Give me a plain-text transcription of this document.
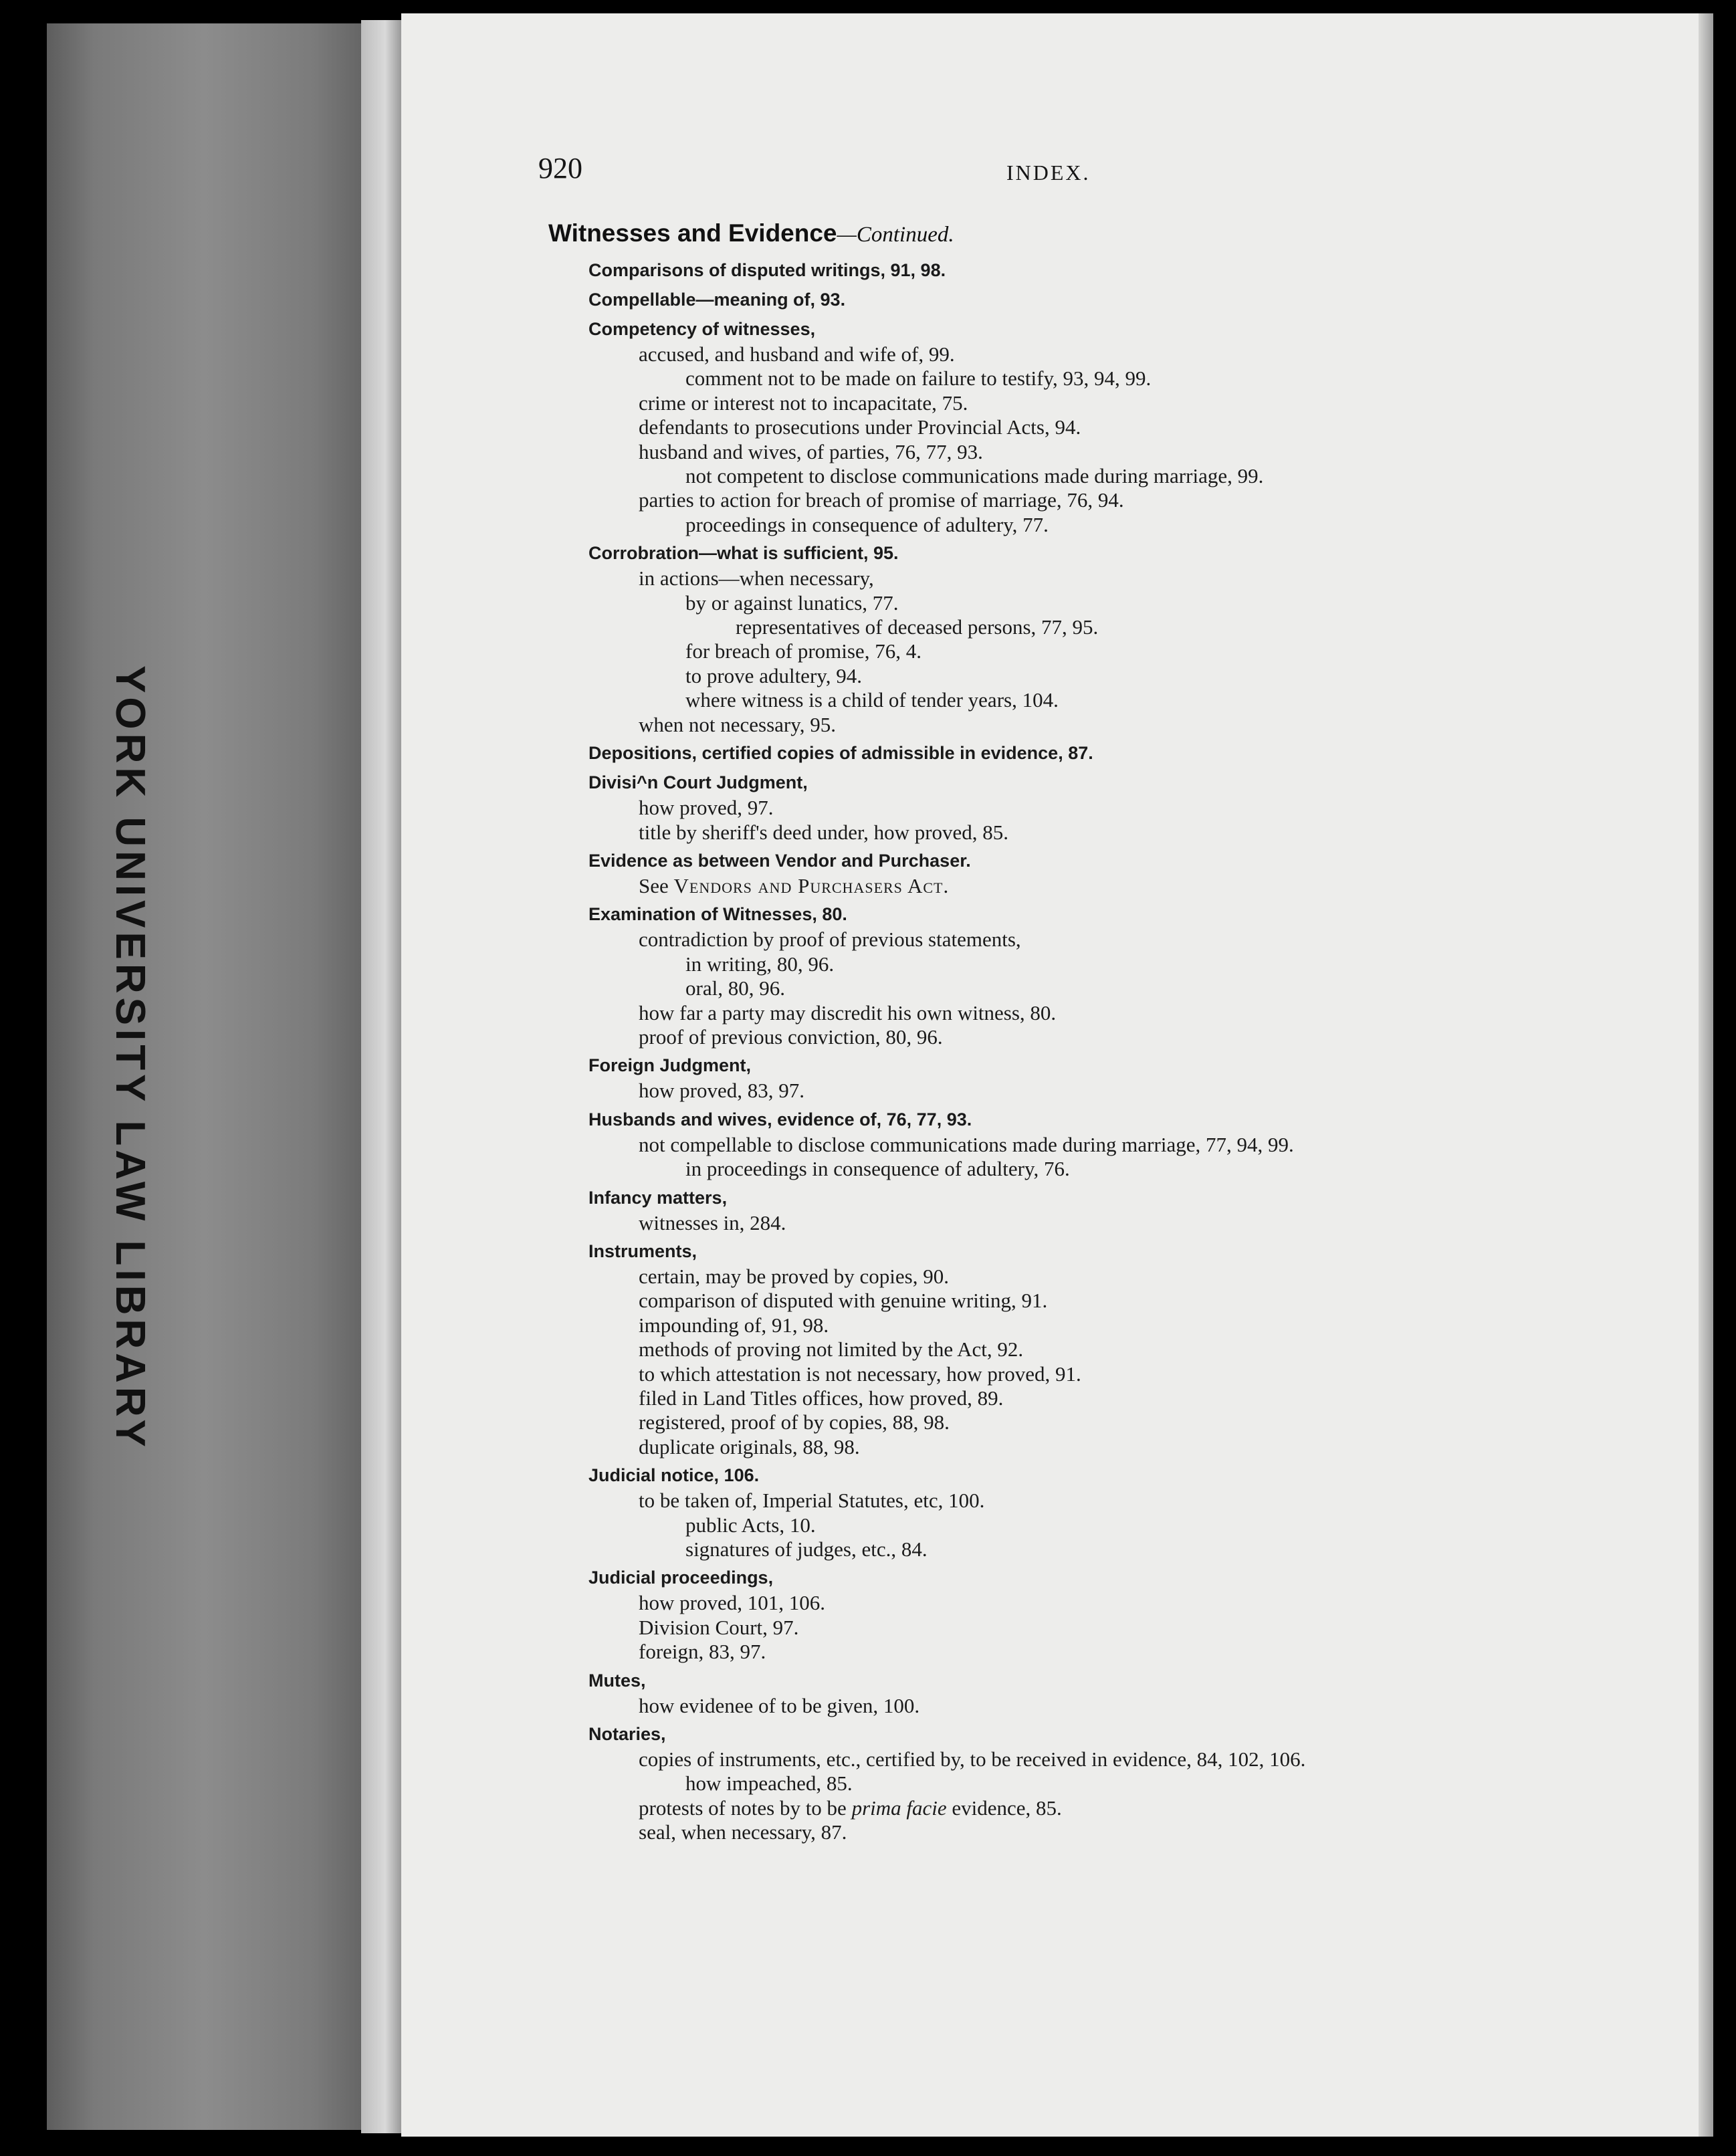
YORK UNIVERSITY LAW LIBRARY
920	INDEX.
Witnesses and Evidence—Continued.
Comparisons of disputed writings, 91, 98.
Compellable—meaning of, 93.
Competency of witnesses,
accused, and husband and wife of, 99.
comment not to be made on failure to testify, 93, 94, 99.
crime or interest not to incapacitate, 75.
defendants to prosecutions under Provincial Acts, 94.
husband and wives, of parties, 76, 77, 93.
not competent to disclose communications made during marriage, 99.
parties to action for breach of promise of marriage, 76, 94.
proceedings in consequence of adultery, 77.
Corrobration—what is sufficient, 95.
in actions—when necessary,
by or against lunatics, 77.
representatives of deceased persons, 77, 95.
for breach of promise, 76, 4.
to prove adultery, 94.
where witness is a child of tender years, 104.
when not necessary, 95.
Depositions, certified copies of admissible in evidence, 87.
Divisi^n Court Judgment,
how proved, 97.
title by sheriff's deed under, how proved, 85.
Evidence as between Vendor and Purchaser.
See Vendors and Purchasers Act.
Examination of Witnesses, 80.
contradiction by proof of previous statements,
in writing, 80, 96.
oral, 80, 96.
how far a party may discredit his own witness, 80.
proof of previous conviction, 80, 96.
Foreign Judgment,
how proved, 83, 97.
Husbands and wives, evidence of, 76, 77, 93.
not compellable to disclose communications made during marriage, 77, 94, 99.
in proceedings in consequence of adultery, 76.
Infancy matters,
witnesses in, 284.
Instruments,
certain, may be proved by copies, 90.
comparison of disputed with genuine writing, 91.
impounding of, 91, 98.
methods of proving not limited by the Act, 92.
to which attestation is not necessary, how proved, 91.
filed in Land Titles offices, how proved, 89.
registered, proof of by copies, 88, 98.
duplicate originals, 88, 98.
Judicial notice, 106.
to be taken of, Imperial Statutes, etc, 100.
public Acts, 10.
signatures of judges, etc., 84.
Judicial proceedings,
how proved, 101, 106.
Division Court, 97.
foreign, 83, 97.
Mutes,
how evidenee of to be given, 100.
Notaries,
copies of instruments, etc., certified by, to be received in evidence, 84, 102, 106.
how impeached, 85.
protests of notes by to be prima facie evidence, 85.
seal, when necessary, 87.
